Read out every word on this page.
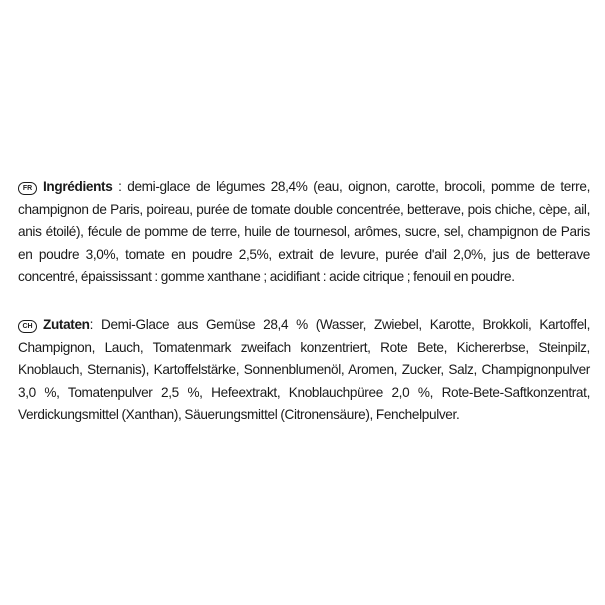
FR Ingrédients : demi-glace de légumes 28,4% (eau, oignon, carotte, brocoli, pomme de terre, champignon de Paris, poireau, purée de tomate double concentrée, betterave, pois chiche, cèpe, ail, anis étoilé), fécule de pomme de terre, huile de tournesol, arômes, sucre, sel, champignon de Paris en poudre 3,0%, tomate en poudre 2,5%, extrait de levure, purée d'ail 2,0%, jus de betterave concentré, épaississant : gomme xanthane ; acidifiant : acide citrique ; fenouil en poudre.
CH Zutaten: Demi-Glace aus Gemüse 28,4 % (Wasser, Zwiebel, Karotte, Brokkoli, Kartoffel, Champignon, Lauch, Tomatenmark zweifach konzentriert, Rote Bete, Kichererbse, Steinpilz, Knoblauch, Sternanis), Kartoffelstärke, Sonnenblumenöl, Aromen, Zucker, Salz, Champignonpulver 3,0 %, Tomatenpulver 2,5 %, Hefeextrakt, Knoblauchpüree 2,0 %, Rote-Bete-Saftkonzentrat, Verdickungsmittel (Xanthan), Säuerungsmittel (Citronensäure), Fenchelpulver.
